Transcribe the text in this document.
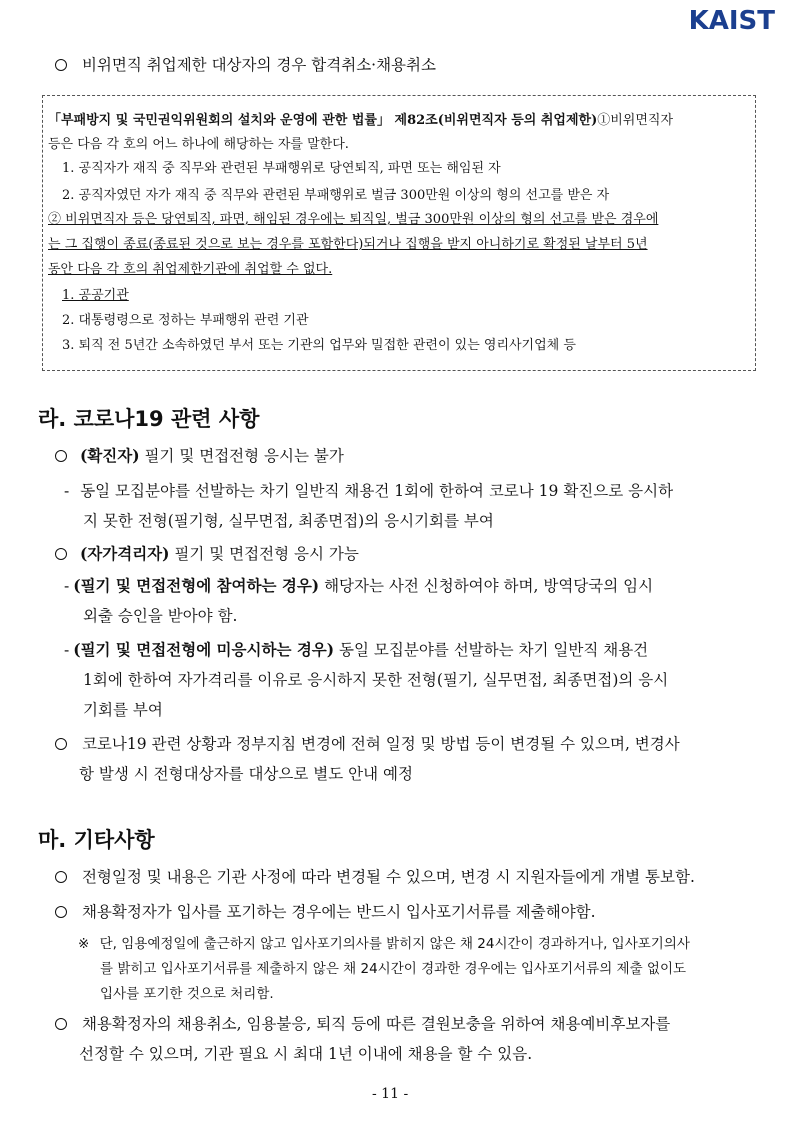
KAIST
비위면직 취업제한 대상자의 경우 합격취소·채용취소
「부패방지 및 국민권익위원회의 설치와 운영에 관한 법률」 제82조(비위면직자 등의 취업제한)①비위면직자
등은 다음 각 호의 어느 하나에 해당하는 자를 말한다.
1. 공직자가 재직 중 직무와 관련된 부패행위로 당연퇴직, 파면 또는 해임된 자
2. 공직자였던 자가 재직 중 직무와 관련된 부패행위로 벌금 300만원 이상의 형의 선고를 받은 자
② 비위면직자 등은 당연퇴직, 파면, 해임된 경우에는 퇴직일, 벌금 300만원 이상의 형의 선고를 받은 경우에
는 그 집행이 종료(종료된 것으로 보는 경우를 포함한다)되거나 집행을 받지 아니하기로 확정된 날부터 5년
동안 다음 각 호의 취업제한기관에 취업할 수 없다.
1. 공공기관
2. 대통령령으로 정하는 부패행위 관련 기관
3. 퇴직 전 5년간 소속하였던 부서 또는 기관의 업무와 밀접한 관련이 있는 영리사기업체 등
라. 코로나19 관련 사항
(확진자) 필기 및 면접전형 응시는 불가
- 동일 모집분야를 선발하는 차기 일반직 채용건 1회에 한하여 코로나 19 확진으로 응시하
지 못한 전형(필기형, 실무면접, 최종면접)의 응시기회를 부여
(자가격리자) 필기 및 면접전형 응시 가능
- (필기 및 면접전형에 참여하는 경우) 해당자는 사전 신청하여야 하며, 방역당국의 임시
외출 승인을 받아야 함.
- (필기 및 면접전형에 미응시하는 경우) 동일 모집분야를 선발하는 차기 일반직 채용건
1회에 한하여 자가격리를 이유로 응시하지 못한 전형(필기, 실무면접, 최종면접)의 응시
기회를 부여
코로나19 관련 상황과 정부지침 변경에 전혀 일정 및 방법 등이 변경될 수 있으며, 변경사
항 발생 시 전형대상자를 대상으로 별도 안내 예정
마. 기타사항
전형일정 및 내용은 기관 사정에 따라 변경될 수 있으며, 변경 시 지원자들에게 개별 통보함.
채용확정자가 입사를 포기하는 경우에는 반드시 입사포기서류를 제출해야함.
※ 단, 임용예정일에 출근하지 않고 입사포기의사를 밝히지 않은 채 24시간이 경과하거나, 입사포기의사
를 밝히고 입사포기서류를 제출하지 않은 채 24시간이 경과한 경우에는 입사포기서류의 제출 없이도
입사를 포기한 것으로 처리함.
채용확정자의 채용취소, 임용불응, 퇴직 등에 따른 결원보충을 위하여 채용예비후보자를
선정할 수 있으며, 기관 필요 시 최대 1년 이내에 채용을 할 수 있음.
- 11 -
